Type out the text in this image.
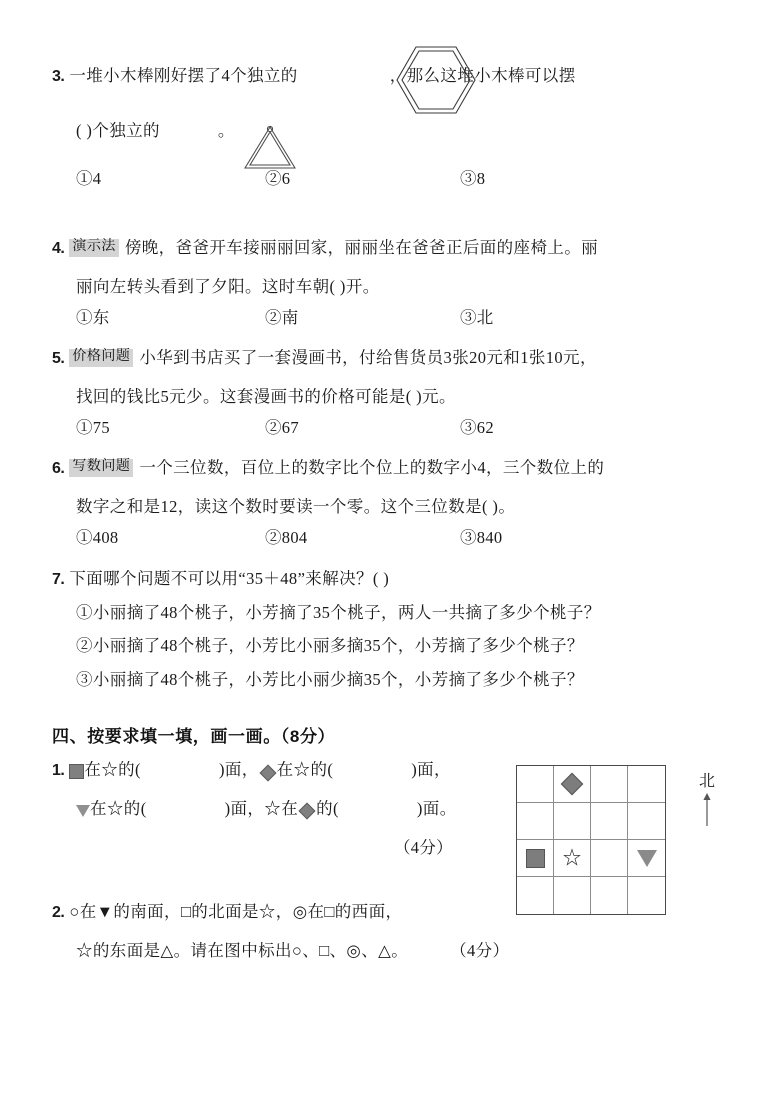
3. 一堆小木棒刚好摆了4个独立的	，那么这堆小木棒可以摆
( )个独立的	。
①4	②6	③8
4. 演示法 傍晚，爸爸开车接丽丽回家，丽丽坐在爸爸正后面的座椅上。丽
丽向左转头看到了夕阳。这时车朝( )开。
①东	②南	③北
5. 价格问题 小华到书店买了一套漫画书，付给售货员3张20元和1张10元，
找回的钱比5元少。这套漫画书的价格可能是( )元。
①75	②67	③62
6. 写数问题 一个三位数，百位上的数字比个位上的数字小4，三个数位上的
数字之和是12，读这个数时要读一个零。这个三位数是( )。
①408	②804	③840
7. 下面哪个问题不可以用“35＋48”来解决？( )
①小丽摘了48个桃子，小芳摘了35个桃子，两人一共摘了多少个桃子？
②小丽摘了48个桃子，小芳比小丽多摘35个，小芳摘了多少个桃子？
③小丽摘了48个桃子，小芳比小丽少摘35个，小芳摘了多少个桃子？
四、按要求填一填，画一画。（8分）
1. 在☆的(	)面， 在☆的(	)面，
在☆的(	)面，☆在 的(	)面。
（4分）
2. ○在▼的南面，□的北面是☆，◎在□的西面，
☆的东面是△。请在图中标出○、□、◎、△。	（4分）
☆
北
